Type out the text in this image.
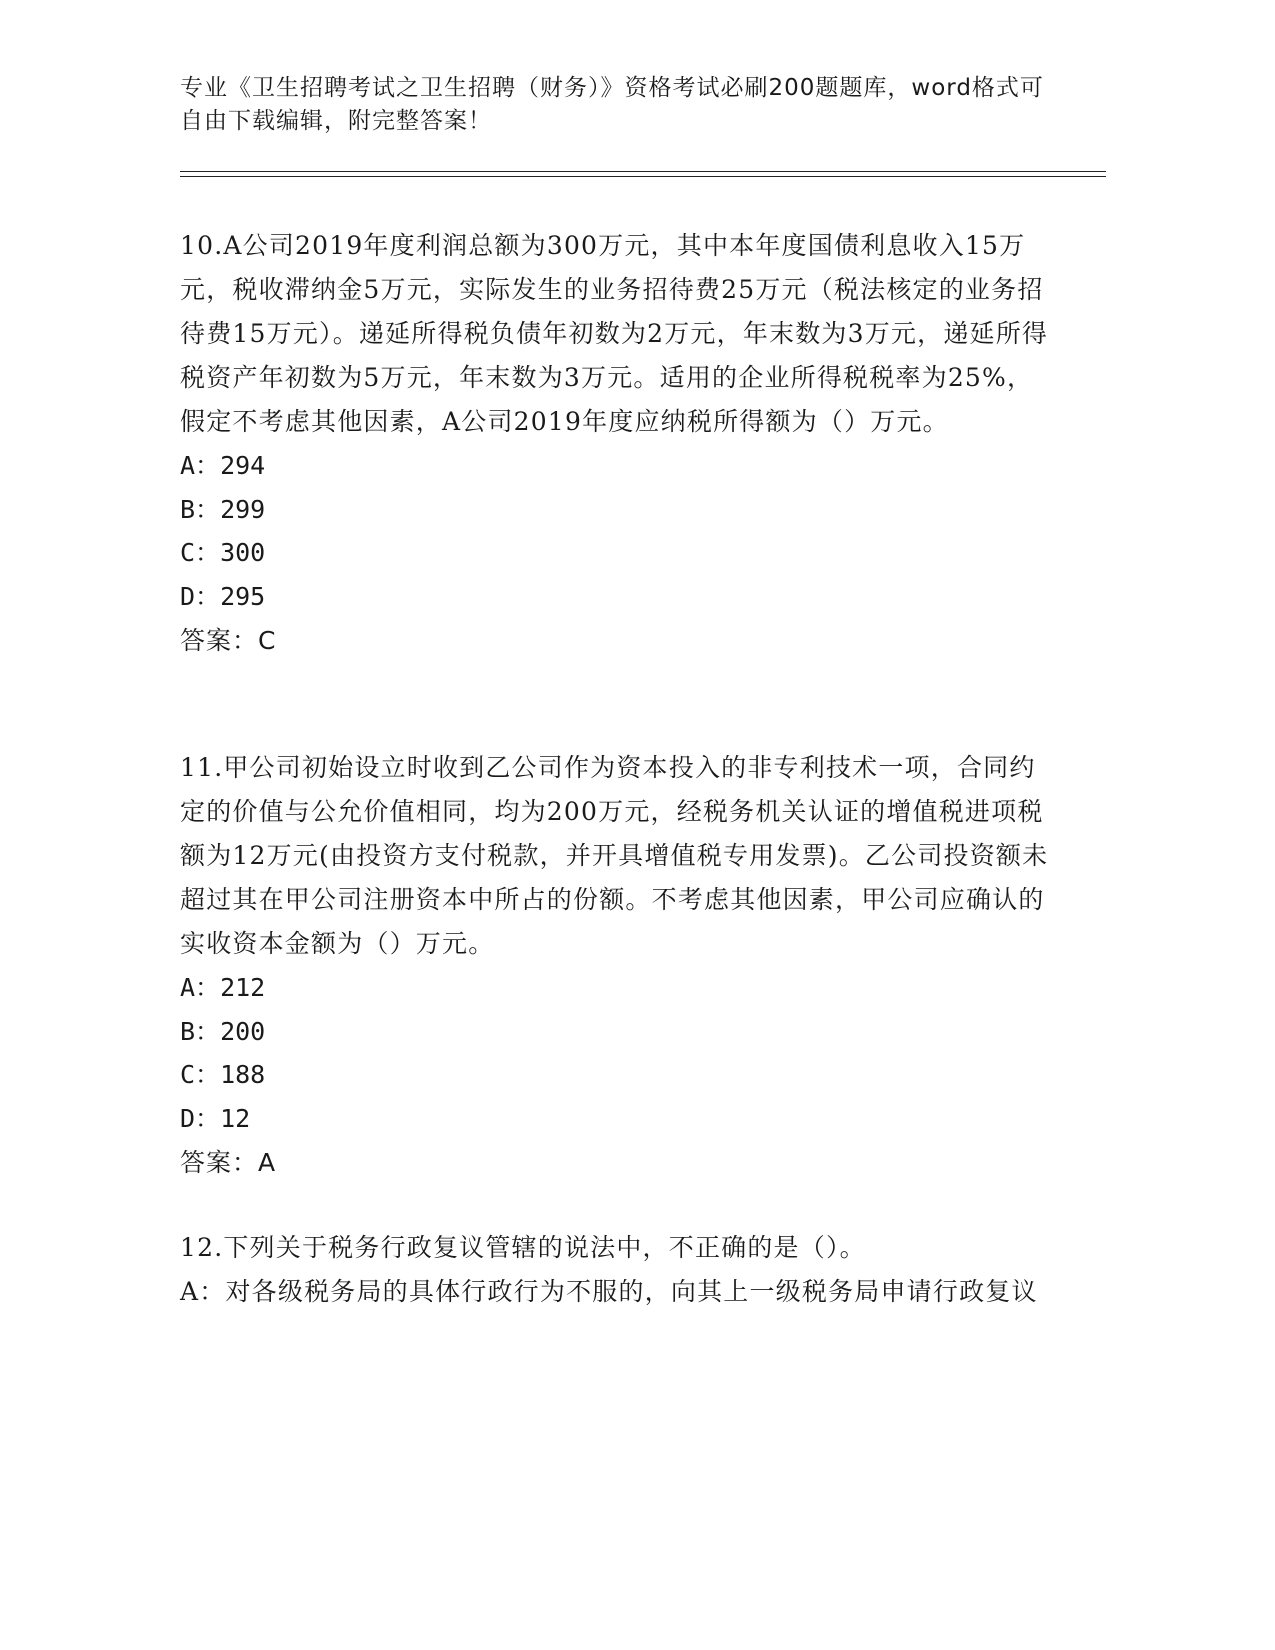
专业《卫生招聘考试之卫生招聘（财务）》资格考试必刷200题题库，word格式可自由下载编辑，附完整答案！

10.A公司2019年度利润总额为300万元，其中本年度国债利息收入15万元，税收滞纳金5万元，实际发生的业务招待费25万元（税法核定的业务招待费15万元）。递延所得税负债年初数为2万元，年末数为3万元，递延所得税资产年初数为5万元，年末数为3万元。适用的企业所得税税率为25%，假定不考虑其他因素，A公司2019年度应纳税所得额为（）万元。

A：294

B：299

C：300

D：295

答案：C

11.甲公司初始设立时收到乙公司作为资本投入的非专利技术一项，合同约定的价值与公允价值相同，均为200万元，经税务机关认证的增值税进项税额为12万元(由投资方支付税款，并开具增值税专用发票)。乙公司投资额未超过其在甲公司注册资本中所占的份额。不考虑其他因素，甲公司应确认的实收资本金额为（）万元。

A：212

B：200

C：188

D：12

答案：A

12.下列关于税务行政复议管辖的说法中，不正确的是（）。

A：对各级税务局的具体行政行为不服的，向其上一级税务局申请行政复议
